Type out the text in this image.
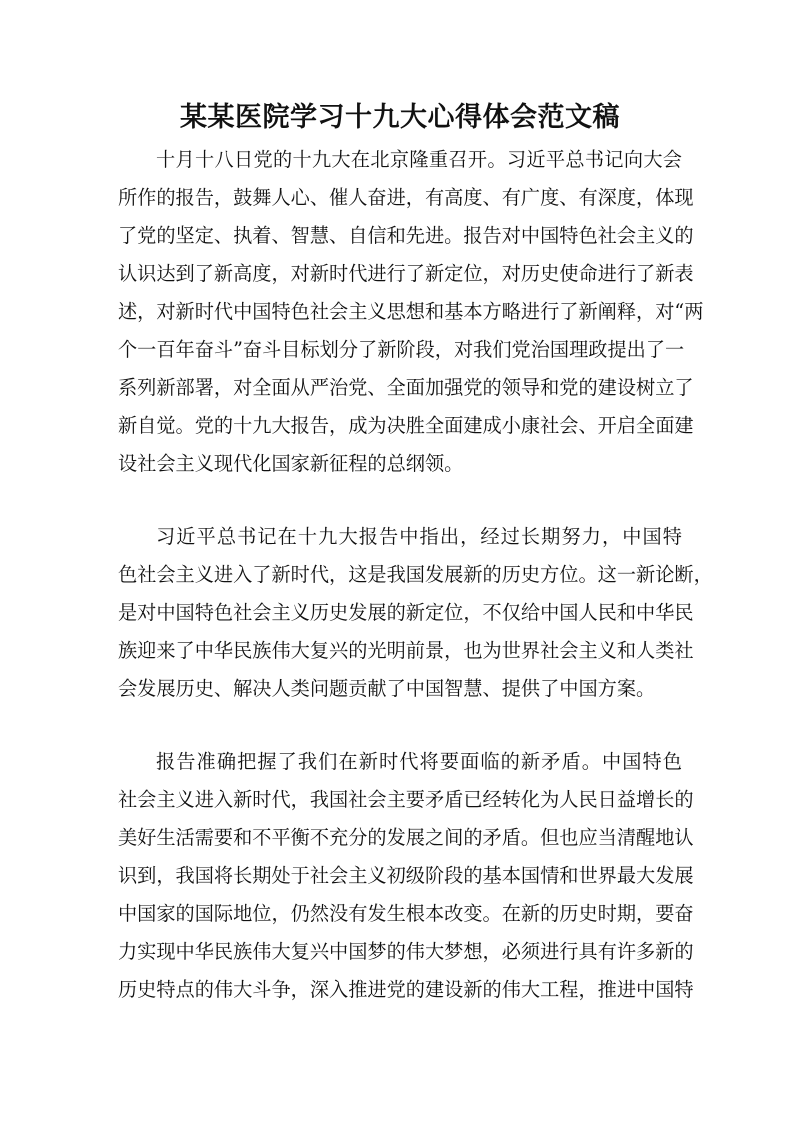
某某医院学习十九大心得体会范文稿
十月十八日党的十九大在北京隆重召开。习近平总书记向大会
所作的报告，鼓舞人心、催人奋进，有高度、有广度、有深度，体现
了党的坚定、执着、智慧、自信和先进。报告对中国特色社会主义的
认识达到了新高度，对新时代进行了新定位，对历史使命进行了新表
述，对新时代中国特色社会主义思想和基本方略进行了新阐释，对“两
个一百年奋斗”奋斗目标划分了新阶段，对我们党治国理政提出了一
系列新部署，对全面从严治党、全面加强党的领导和党的建设树立了
新自觉。党的十九大报告，成为决胜全面建成小康社会、开启全面建
设社会主义现代化国家新征程的总纲领。
习近平总书记在十九大报告中指出，经过长期努力，中国特
色社会主义进入了新时代，这是我国发展新的历史方位。这一新论断，
是对中国特色社会主义历史发展的新定位，不仅给中国人民和中华民
族迎来了中华民族伟大复兴的光明前景，也为世界社会主义和人类社
会发展历史、解决人类问题贡献了中国智慧、提供了中国方案。
报告准确把握了我们在新时代将要面临的新矛盾。中国特色
社会主义进入新时代，我国社会主要矛盾已经转化为人民日益增长的
美好生活需要和不平衡不充分的发展之间的矛盾。但也应当清醒地认
识到，我国将长期处于社会主义初级阶段的基本国情和世界最大发展
中国家的国际地位，仍然没有发生根本改变。在新的历史时期，要奋
力实现中华民族伟大复兴中国梦的伟大梦想，必须进行具有许多新的
历史特点的伟大斗争，深入推进党的建设新的伟大工程，推进中国特
